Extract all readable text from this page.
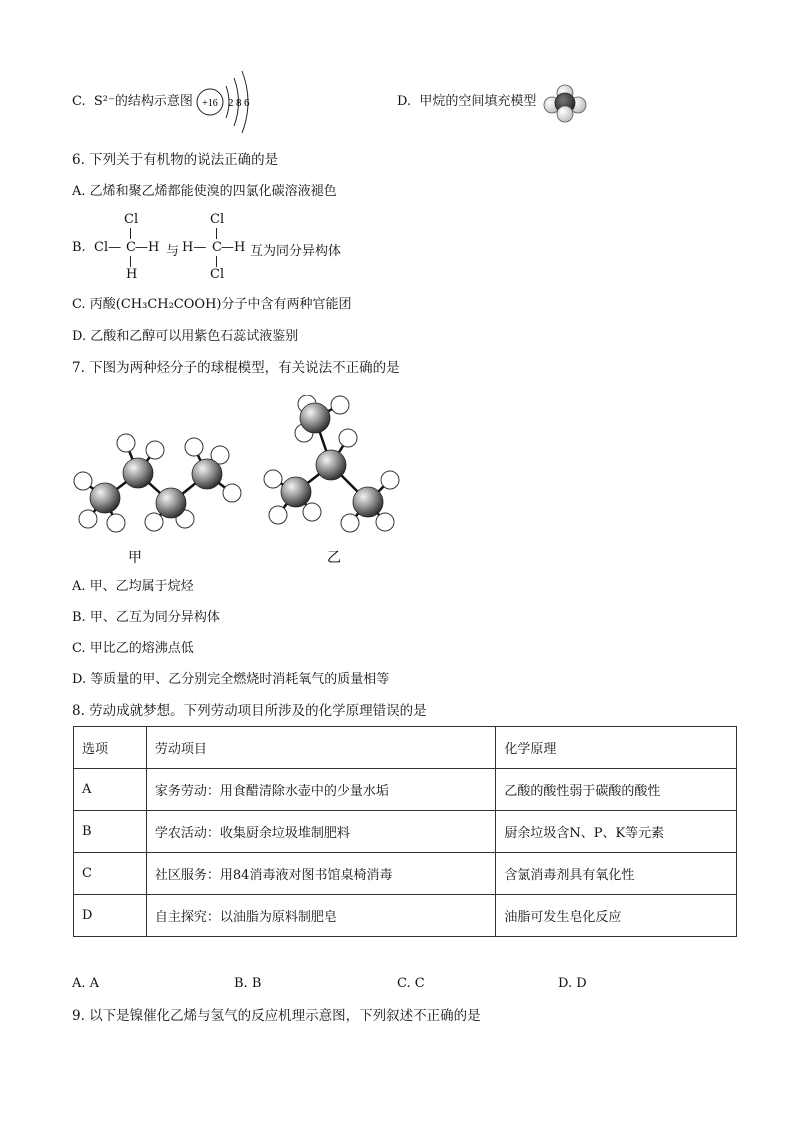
C. S²⁻的结构示意图 +16 2 8 6	D. 甲烷的空间填充模型
6. 下列关于有机物的说法正确的是
A. 乙烯和聚乙烯都能使溴的四氯化碳溶液褪色
B.
Cl
Cl— C —H
H
与
Cl
H— C —H
Cl
互为同分异构体
C. 丙酸(CH₃CH₂COOH)分子中含有两种官能团
D. 乙酸和乙醇可以用紫色石蕊试液鉴别
7. 下图为两种烃分子的球棍模型，有关说法不正确的是
甲	乙
A. 甲、乙均属于烷烃
B. 甲、乙互为同分异构体
C. 甲比乙的熔沸点低
D. 等质量的甲、乙分别完全燃烧时消耗氧气的质量相等
8. 劳动成就梦想。下列劳动项目所涉及的化学原理错误的是
选项	劳动项目	化学原理
A	家务劳动：用食醋清除水壶中的少量水垢	乙酸的酸性弱于碳酸的酸性
B	学农活动：收集厨余垃圾堆制肥料	厨余垃圾含N、P、K等元素
C	社区服务：用84消毒液对图书馆桌椅消毒	含氯消毒剂具有氧化性
D	自主探究：以油脂为原料制肥皂	油脂可发生皂化反应
A. A	B. B	C. C	D. D
9. 以下是镍催化乙烯与氢气的反应机理示意图，下列叙述不正确的是
